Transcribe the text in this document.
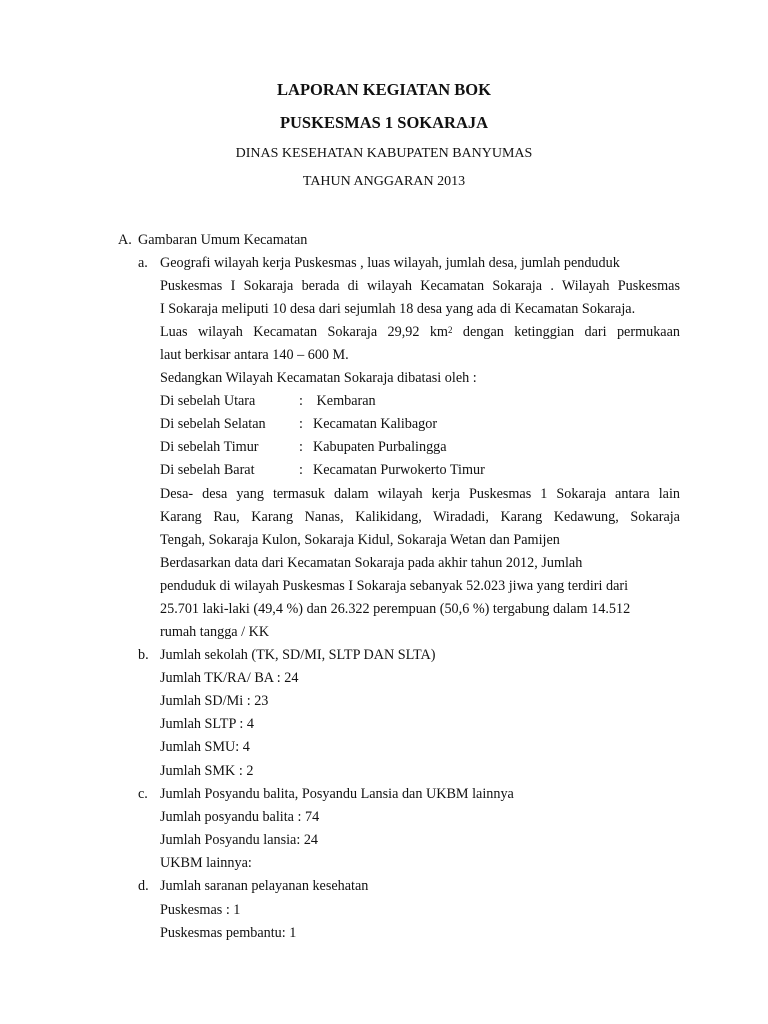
LAPORAN KEGIATAN BOK
PUSKESMAS 1 SOKARAJA
DINAS KESEHATAN KABUPATEN BANYUMAS
TAHUN ANGGARAN 2013
A. Gambaran Umum Kecamatan
a. Geografi wilayah kerja Puskesmas , luas wilayah, jumlah desa, jumlah penduduk
Puskesmas I Sokaraja berada di wilayah Kecamatan Sokaraja . Wilayah Puskesmas
I Sokaraja meliputi 10 desa dari sejumlah 18 desa yang ada di Kecamatan Sokaraja.
Luas wilayah Kecamatan Sokaraja 29,92 $km^2$ dengan ketinggian dari permukaan
laut berkisar antara 140 – 600 M.
Sedangkan Wilayah Kecamatan Sokaraja dibatasi oleh :
Di sebelah Utara	: Kembaran
Di sebelah Selatan : Kecamatan Kalibagor
Di sebelah Timur	: Kabupaten Purbalingga
Di sebelah Barat	: Kecamatan Purwokerto Timur
Desa- desa yang termasuk dalam wilayah kerja Puskesmas 1 Sokaraja antara lain
Karang Rau, Karang Nanas, Kalikidang, Wiradadi, Karang Kedawung, Sokaraja
Tengah, Sokaraja Kulon, Sokaraja Kidul, Sokaraja Wetan dan Pamijen
Berdasarkan data dari Kecamatan Sokaraja pada akhir tahun 2012, Jumlah
penduduk di wilayah Puskesmas I Sokaraja sebanyak 52.023 jiwa yang terdiri dari
25.701 laki-laki (49,4 %) dan 26.322 perempuan (50,6 %) tergabung dalam 14.512
rumah tangga / KK
b. Jumlah sekolah (TK, SD/MI, SLTP DAN SLTA)
Jumlah TK/RA/ BA : 24
Jumlah SD/Mi : 23
Jumlah SLTP : 4
Jumlah SMU: 4
Jumlah SMK : 2
c. Jumlah Posyandu balita, Posyandu Lansia dan UKBM lainnya
Jumlah posyandu balita : 74
Jumlah Posyandu lansia: 24
UKBM lainnya:
d. Jumlah saranan pelayanan kesehatan
Puskesmas : 1
Puskesmas pembantu: 1
